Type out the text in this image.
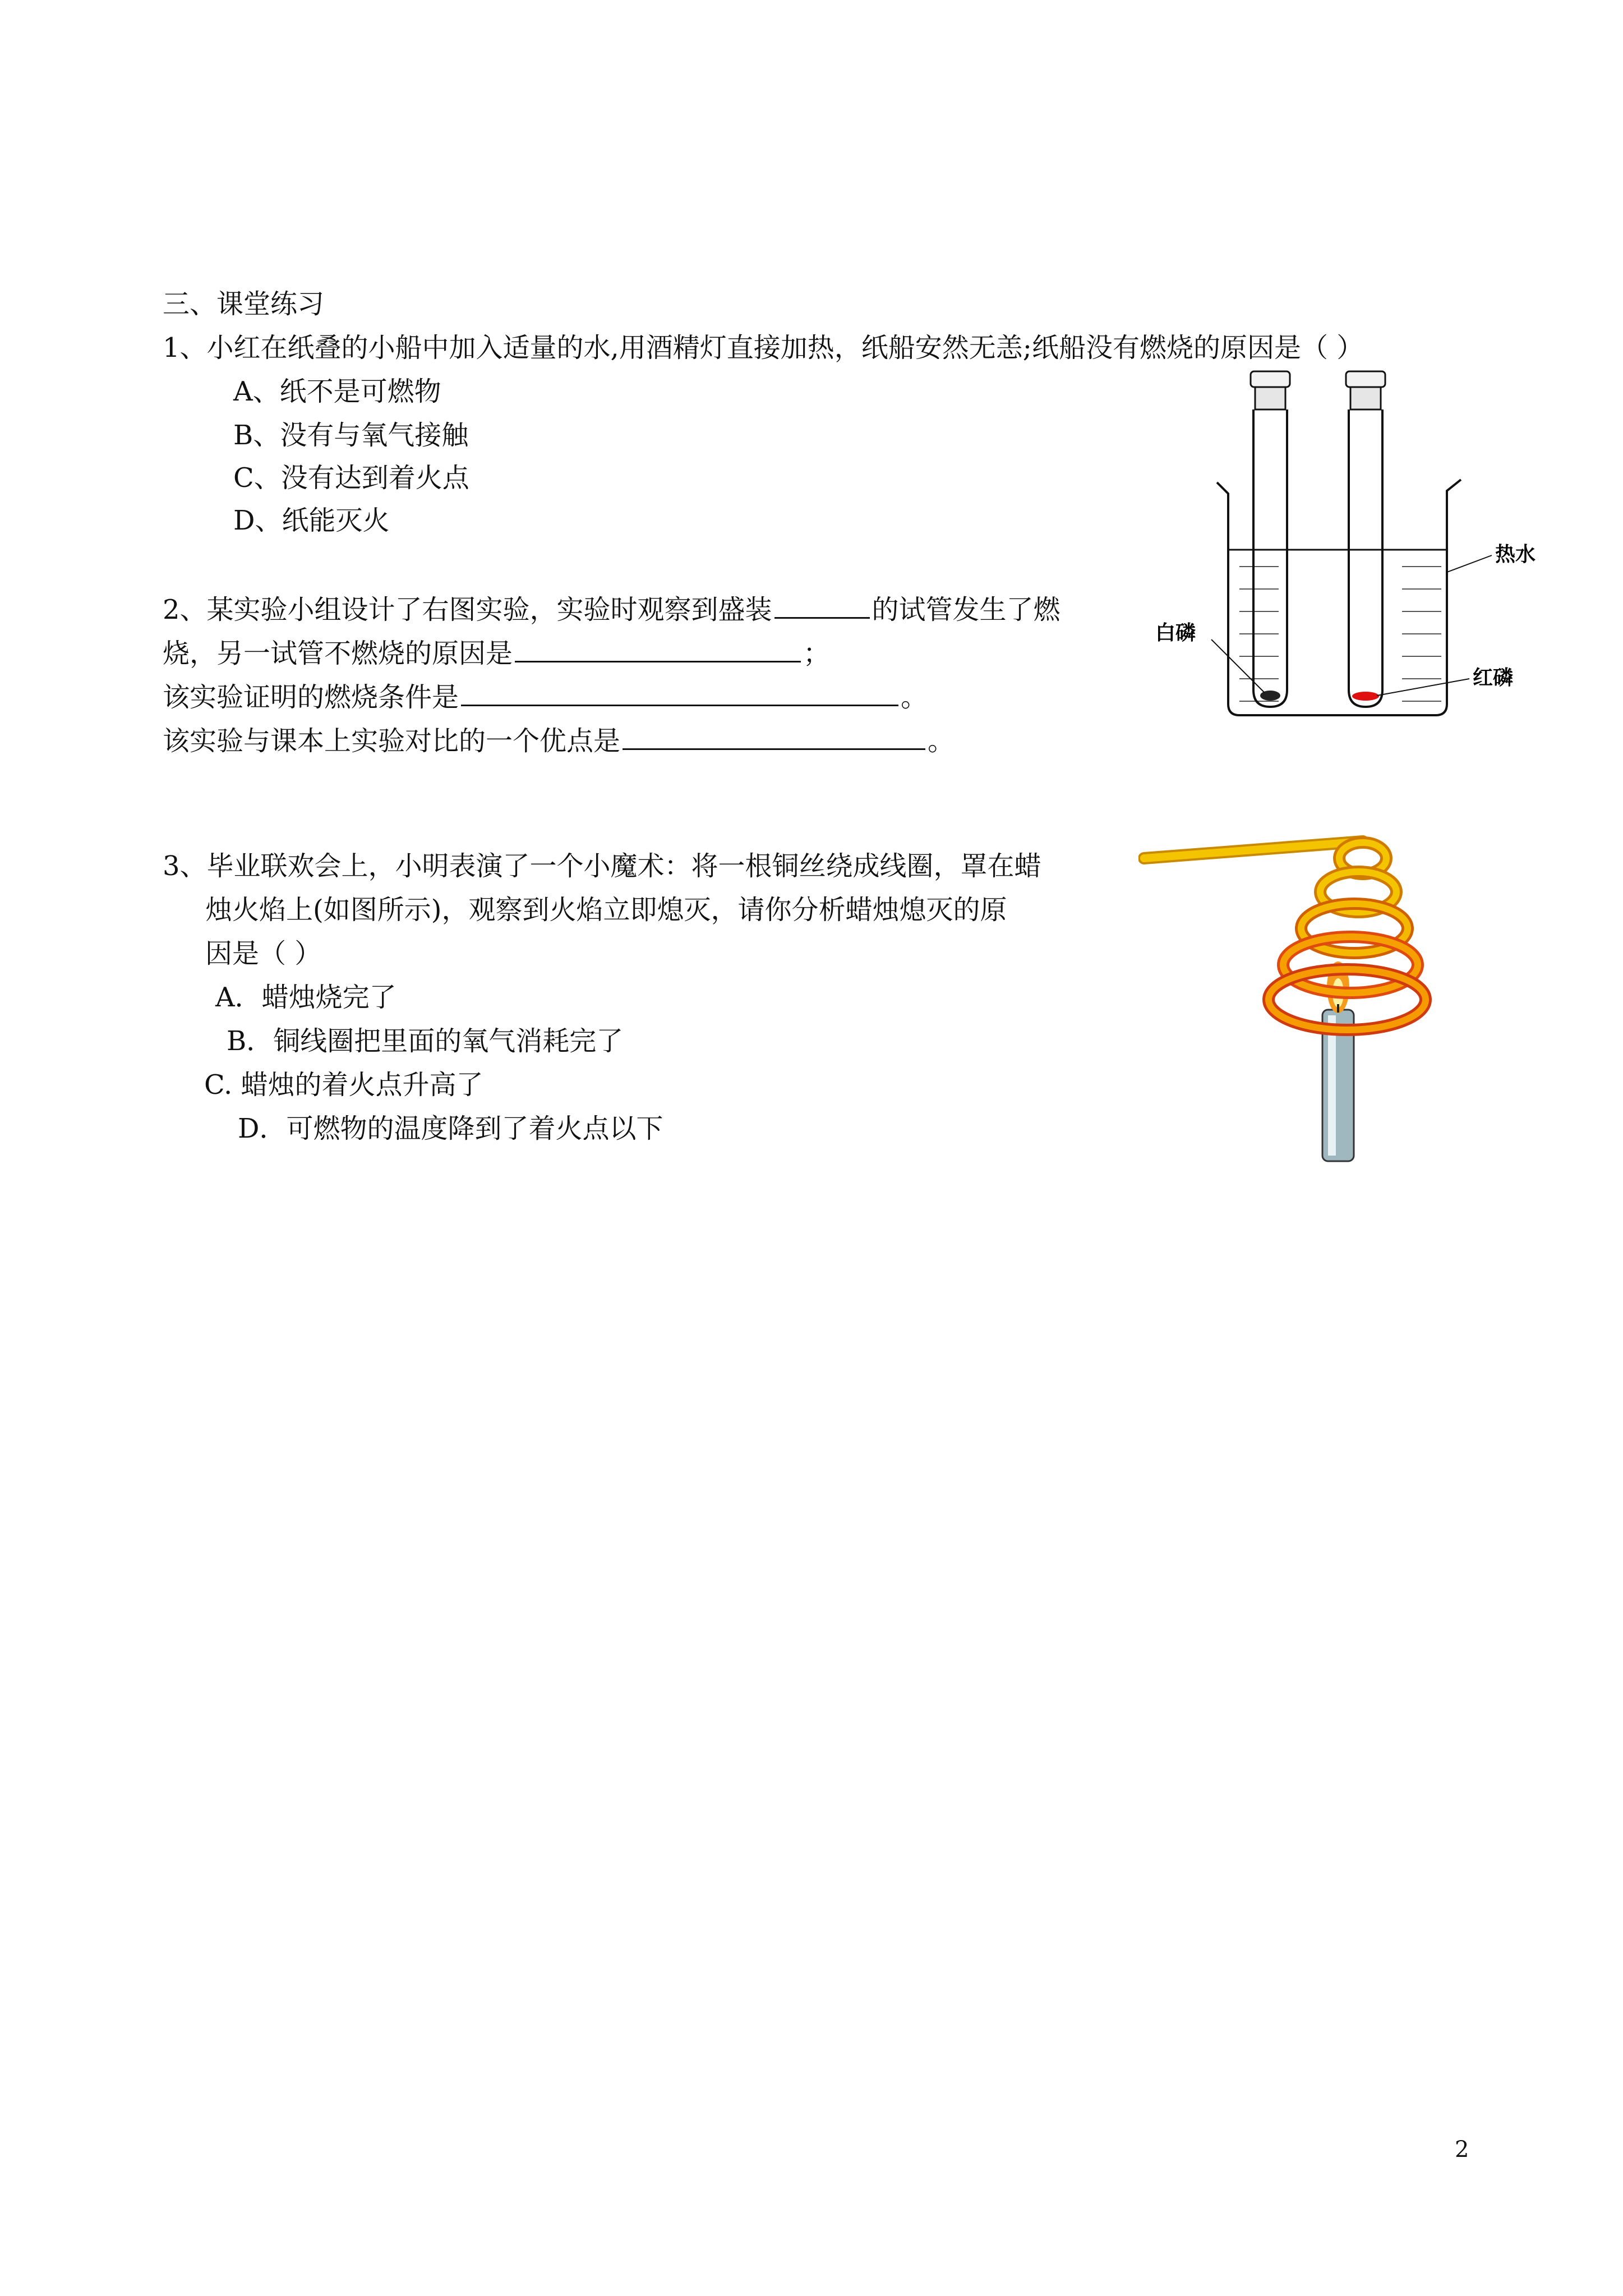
三、课堂练习
1、小红在纸叠的小船中加入适量的水,用酒精灯直接加热，纸船安然无恙;纸船没有燃烧的原因是（ ）
A、纸不是可燃物
B、没有与氧气接触
C、没有达到着火点
D、纸能灭火
2、某实验小组设计了右图实验，实验时观察到盛装	的试管发生了燃
烧，另一试管不燃烧的原因是	；
该实验证明的燃烧条件是	。
该实验与课本上实验对比的一个优点是	。
热水
白磷
红磷
3、毕业联欢会上，小明表演了一个小魔术：将一根铜丝绕成线圈，罩在蜡
烛火焰上(如图所示)，观察到火焰立即熄灭，请你分析蜡烛熄灭的原
因是（ ）
A．蜡烛烧完了
B．铜线圈把里面的氧气消耗完了
C. 蜡烛的着火点升高了
D．可燃物的温度降到了着火点以下
2
